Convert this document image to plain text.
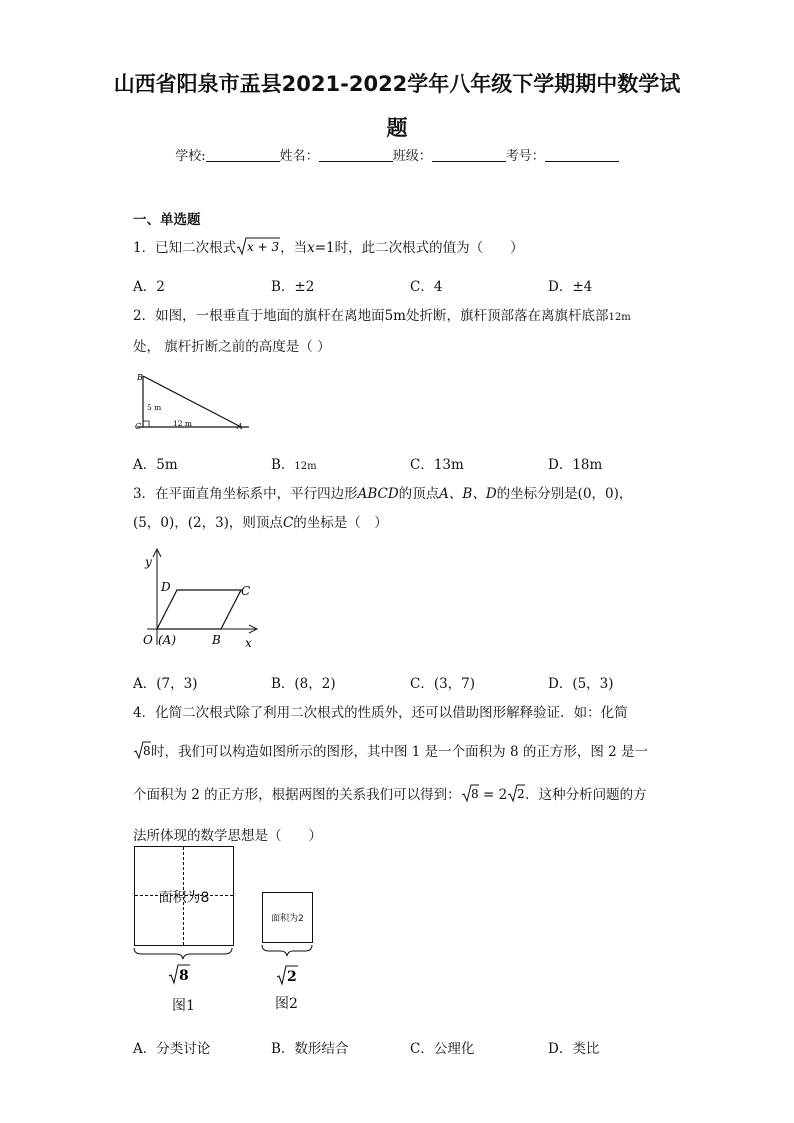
山西省阳泉市盂县2021-2022学年八年级下学期期中数学试
题
学校:	姓名：	班级：	考号：
一、单选题
1．已知二次根式 x + 3 ，当x=1时，此二次根式的值为（　　）
A．2	B．±2	C．4	D．±4
2．如图，一根垂直于地面的旗杆在离地面5m处折断，旗杆顶部落在离旗杆底部12m
处， 旗杆折断之前的高度是（ ）
B
C	A
5 m
12 m
A．5m	B．12m	C．13m	D．18m
3．在平面直角坐标系中，平行四边形ABCD的顶点A、B、D的坐标分别是(0，0)，
(5，0)，(2，3)，则顶点C的坐标是（　）
y
x
O (A)	B
C
D
A．(7，3)	B．(8，2)	C．(3，7)	D．(5，3)
4．化简二次根式除了利用二次根式的性质外，还可以借助图形解释验证．如：化简
8 时，我们可以构造如图所示的图形，其中图 1 是一个面积为 8 的正方形，图 2 是一
个面积为 2 的正方形，根据两图的关系我们可以得到： 8 = 2 2 ．这种分析问题的方
法所体现的数学思想是（　　）
面积为8
8
图1
面积为2
2
图2
A．分类讨论	B．数形结合	C．公理化	D．类比
